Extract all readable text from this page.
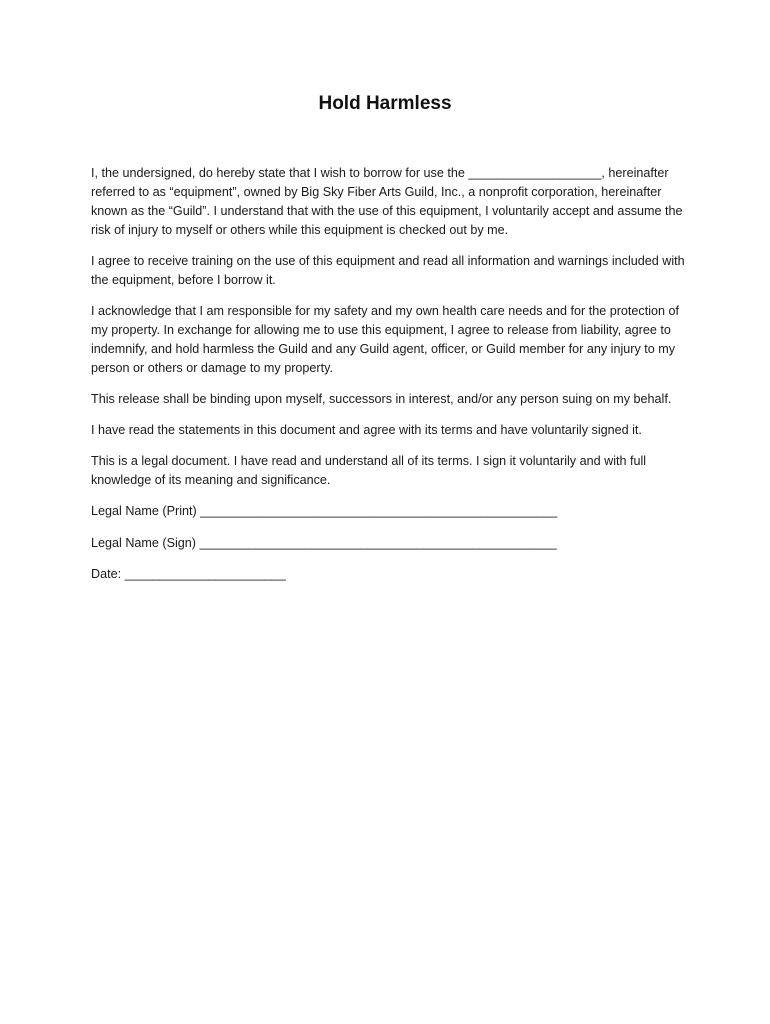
Hold Harmless

I, the undersigned, do hereby state that I wish to borrow for use the ___________________, hereinafter referred to as “equipment”, owned by Big Sky Fiber Arts Guild, Inc., a nonprofit corporation, hereinafter known as the “Guild”. I understand that with the use of this equipment, I voluntarily accept and assume the risk of injury to myself or others while this equipment is checked out by me.

I agree to receive training on the use of this equipment and read all information and warnings included with the equipment, before I borrow it.

I acknowledge that I am responsible for my safety and my own health care needs and for the protection of my property. In exchange for allowing me to use this equipment, I agree to release from liability, agree to indemnify, and hold harmless the Guild and any Guild agent, officer, or Guild member for any injury to my person or others or damage to my property.

This release shall be binding upon myself, successors in interest, and/or any person suing on my behalf.

I have read the statements in this document and agree with its terms and have voluntarily signed it.

This is a legal document. I have read and understand all of its terms. I sign it voluntarily and with full knowledge of its meaning and significance.

Legal Name (Print) ___________________________________________________
Legal Name (Sign) ___________________________________________________
Date: _______________________
